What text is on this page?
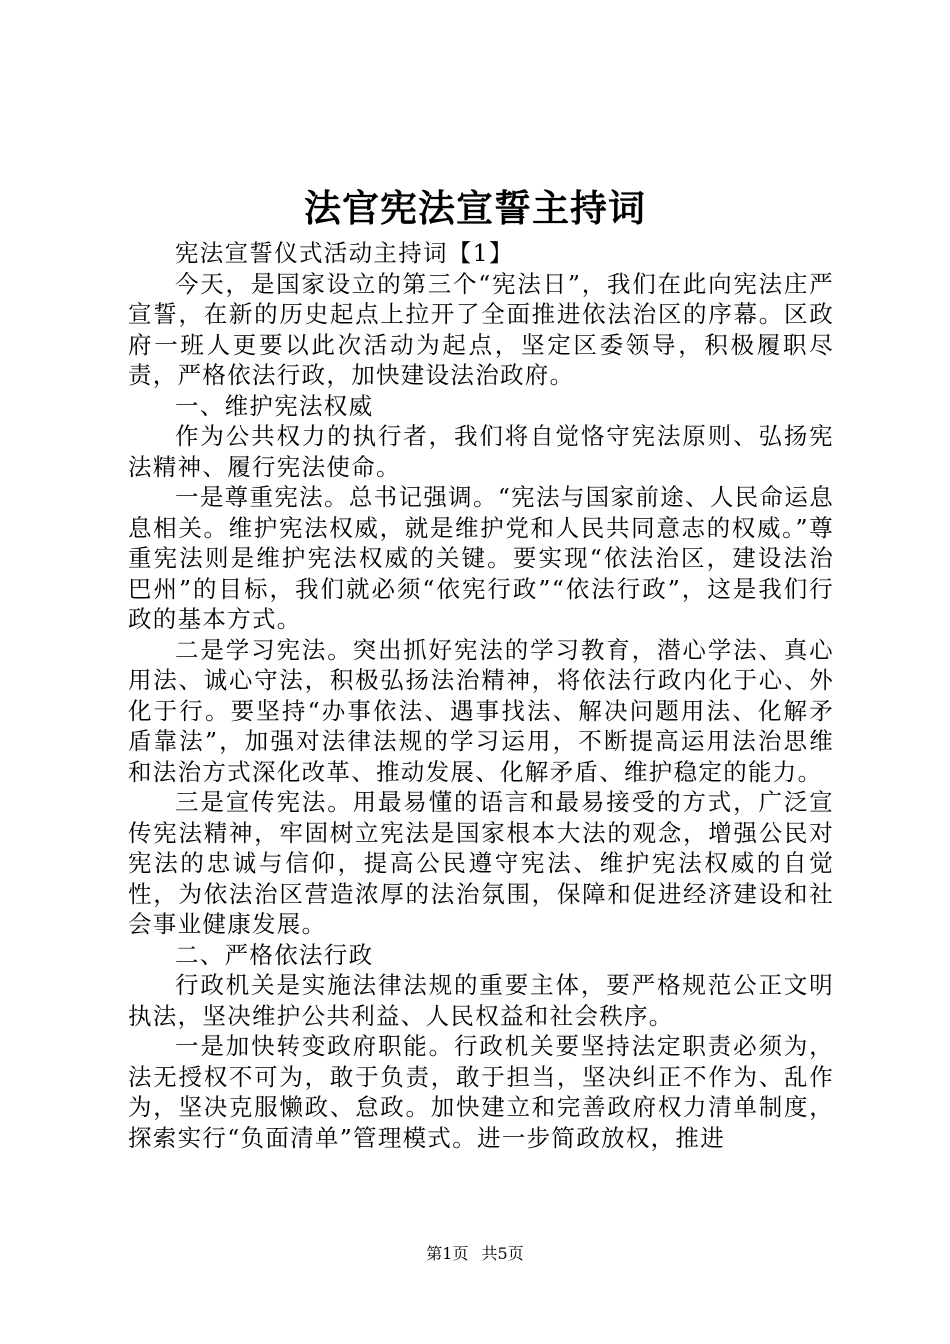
法官宪法宣誓主持词

宪法宣誓仪式活动主持词【1】

今天，是国家设立的第三个“宪法日”，我们在此向宪法庄严宣誓，在新的历史起点上拉开了全面推进依法治区的序幕。区政府一班人更要以此次活动为起点，坚定区委领导，积极履职尽责，严格依法行政，加快建设法治政府。

一、维护宪法权威

作为公共权力的执行者，我们将自觉恪守宪法原则、弘扬宪法精神、履行宪法使命。

一是尊重宪法。总书记强调。“宪法与国家前途、人民命运息息相关。维护宪法权威，就是维护党和人民共同意志的权威。”尊重宪法则是维护宪法权威的关键。要实现“依法治区，建设法治巴州”的目标，我们就必须“依宪行政”“依法行政”，这是我们行政的基本方式。

二是学习宪法。突出抓好宪法的学习教育，潜心学法、真心用法、诚心守法，积极弘扬法治精神，将依法行政内化于心、外化于行。要坚持“办事依法、遇事找法、解决问题用法、化解矛盾靠法”，加强对法律法规的学习运用，不断提高运用法治思维和法治方式深化改革、推动发展、化解矛盾、维护稳定的能力。

三是宣传宪法。用最易懂的语言和最易接受的方式，广泛宣传宪法精神，牢固树立宪法是国家根本大法的观念，增强公民对宪法的忠诚与信仰，提高公民遵守宪法、维护宪法权威的自觉性，为依法治区营造浓厚的法治氛围，保障和促进经济建设和社会事业健康发展。

二、严格依法行政

行政机关是实施法律法规的重要主体，要严格规范公正文明执法，坚决维护公共利益、人民权益和社会秩序。

一是加快转变政府职能。行政机关要坚持法定职责必须为，法无授权不可为，敢于负责，敢于担当，坚决纠正不作为、乱作为，坚决克服懒政、怠政。加快建立和完善政府权力清单制度，探索实行“负面清单”管理模式。进一步简政放权，推进

第1页 共5页
